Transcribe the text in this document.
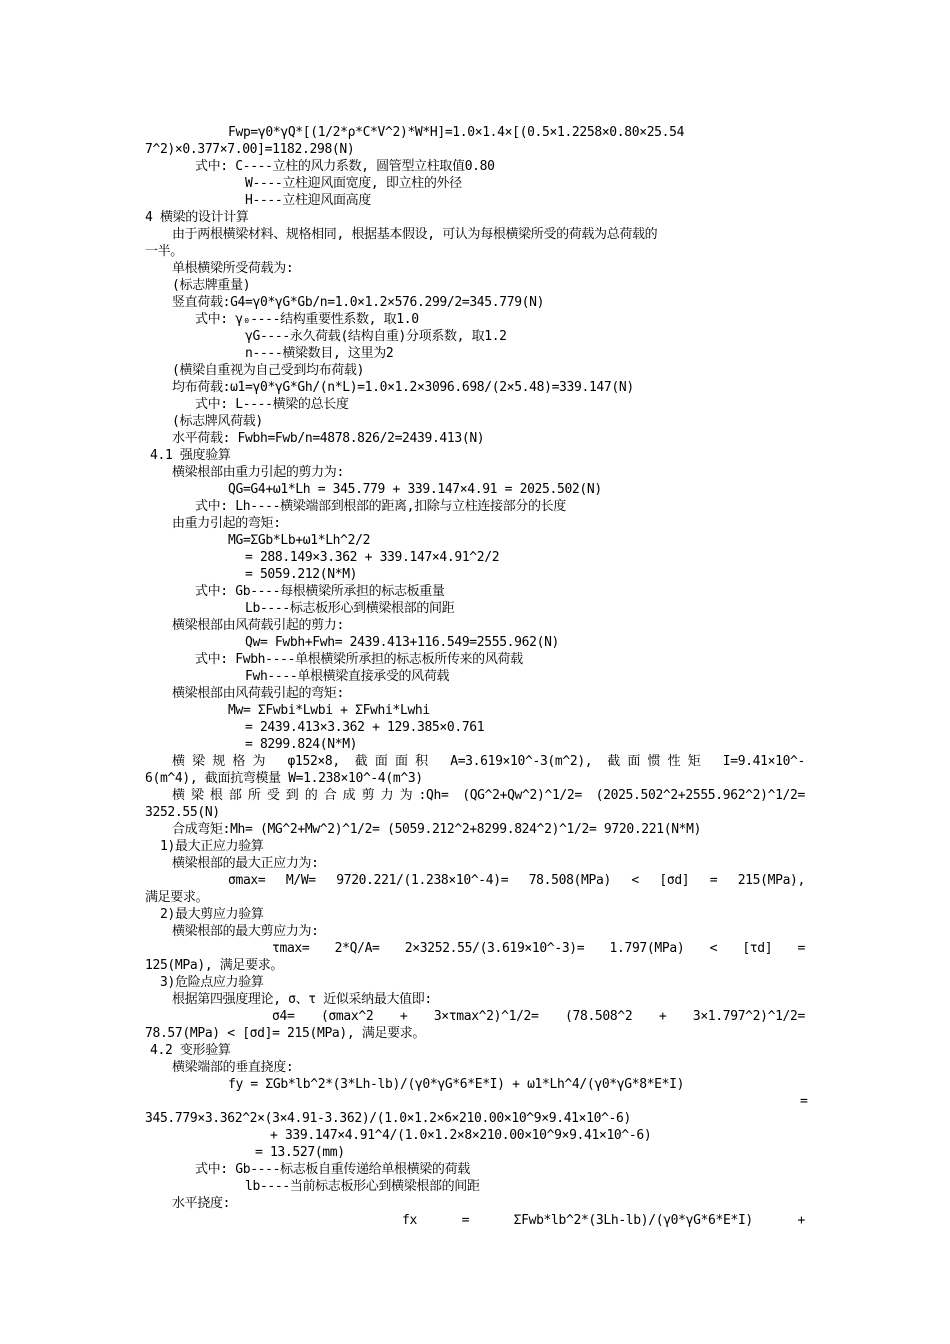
Fwp=γ0*γQ*[(1/2*ρ*C*V^2)*W*H]=1.0×1.4×[(0.5×1.2258×0.80×25.54
7^2)×0.377×7.00]=1182.298(N)
式中: C----立柱的风力系数, 圆管型立柱取值0.80
W----立柱迎风面宽度, 即立柱的外径
H----立柱迎风面高度
4 横梁的设计计算
由于两根横梁材料、规格相同, 根据基本假设, 可认为每根横梁所受的荷载为总荷载的
一半。
单根横梁所受荷载为:
(标志牌重量)
竖直荷载:G4=γ0*γG*Gb/n=1.0×1.2×576.299/2=345.779(N)
式中: γ₀----结构重要性系数, 取1.0
γG----永久荷载(结构自重)分项系数, 取1.2
n----横梁数目, 这里为2
(横梁自重视为自己受到均布荷载)
均布荷载:ω1=γ0*γG*Gh/(n*L)=1.0×1.2×3096.698/(2×5.48)=339.147(N)
式中: L----横梁的总长度
(标志牌风荷载)
水平荷载: Fwbh=Fwb/n=4878.826/2=2439.413(N)
4.1 强度验算
横梁根部由重力引起的剪力为:
QG=G4+ω1*Lh = 345.779 + 339.147×4.91 = 2025.502(N)
式中: Lh----横梁端部到根部的距离,扣除与立柱连接部分的长度
由重力引起的弯矩:
MG=ΣGb*Lb+ω1*Lh^2/2
= 288.149×3.362 + 339.147×4.91^2/2
= 5059.212(N*M)
式中: Gb----每根横梁所承担的标志板重量
Lb----标志板形心到横梁根部的间距
横梁根部由风荷载引起的剪力:
Qw= Fwbh+Fwh= 2439.413+116.549=2555.962(N)
式中: Fwbh----单根横梁所承担的标志板所传来的风荷载
Fwh----单根横梁直接承受的风荷载
横梁根部由风荷载引起的弯矩:
Mw= ΣFwbi*Lwbi + ΣFwhi*Lwhi
= 2439.413×3.362 + 129.385×0.761
= 8299.824(N*M)
横梁规格为 φ152×8, 截面面积 A=3.619×10^-3(m^2), 截面惯性矩 I=9.41×10^-
6(m^4), 截面抗弯模量 W=1.238×10^-4(m^3)
横梁根部所受到的合成剪力为:Qh= (QG^2+Qw^2)^1/2= (2025.502^2+2555.962^2)^1/2=
3252.55(N)
合成弯矩:Mh= (MG^2+Mw^2)^1/2= (5059.212^2+8299.824^2)^1/2= 9720.221(N*M)
1)最大正应力验算
横梁根部的最大正应力为:
σmax= M/W= 9720.221/(1.238×10^-4)= 78.508(MPa) < [σd] = 215(MPa),
满足要求。
2)最大剪应力验算
横梁根部的最大剪应力为:
τmax= 2*Q/A= 2×3252.55/(3.619×10^-3)= 1.797(MPa) < [τd] =
125(MPa), 满足要求。
3)危险点应力验算
根据第四强度理论, σ、τ 近似采纳最大值即:
σ4= (σmax^2 + 3×τmax^2)^1/2= (78.508^2 + 3×1.797^2)^1/2=
78.57(MPa) < [σd]= 215(MPa), 满足要求。
4.2 变形验算
横梁端部的垂直挠度:
fy = ΣGb*lb^2*(3*Lh-lb)/(γ0*γG*6*E*I) + ω1*Lh^4/(γ0*γG*8*E*I)
=
345.779×3.362^2×(3×4.91-3.362)/(1.0×1.2×6×210.00×10^9×9.41×10^-6)
+ 339.147×4.91^4/(1.0×1.2×8×210.00×10^9×9.41×10^-6)
= 13.527(mm)
式中: Gb----标志板自重传递给单根横梁的荷载
lb----当前标志板形心到横梁根部的间距
水平挠度:
fx = ΣFwb*lb^2*(3Lh-lb)/(γ0*γG*6*E*I) +
